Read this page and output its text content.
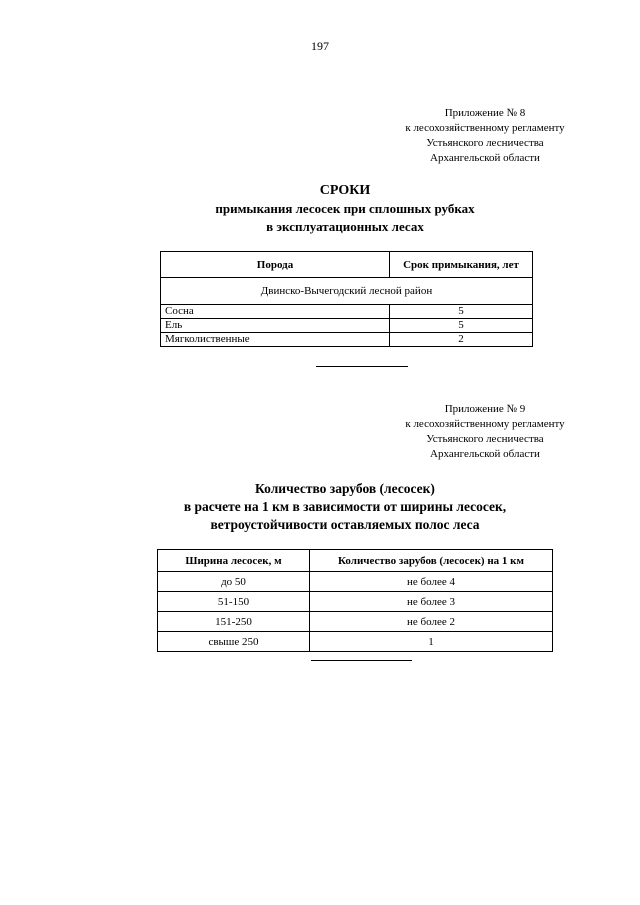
197
Приложение № 8
к лесохозяйственному регламенту
Устьянского лесничества
Архангельской области
СРОКИ
примыкания лесосек при сплошных рубках
в эксплуатационных лесах
Порода	Срок примыкания, лет
Двинско-Вычегодский лесной район	
Сосна	5
Ель	5
Мягколиственные	2
Приложение № 9
к лесохозяйственному регламенту
Устьянского лесничества
Архангельской области
Количество зарубов (лесосек)
в расчете на 1 км в зависимости от ширины лесосек,
ветроустойчивости оставляемых полос леса
Ширина лесосек, м	Количество зарубов (лесосек) на 1 км
до 50	не более 4
51-150	не более 3
151-250	не более 2
свыше 250	1
